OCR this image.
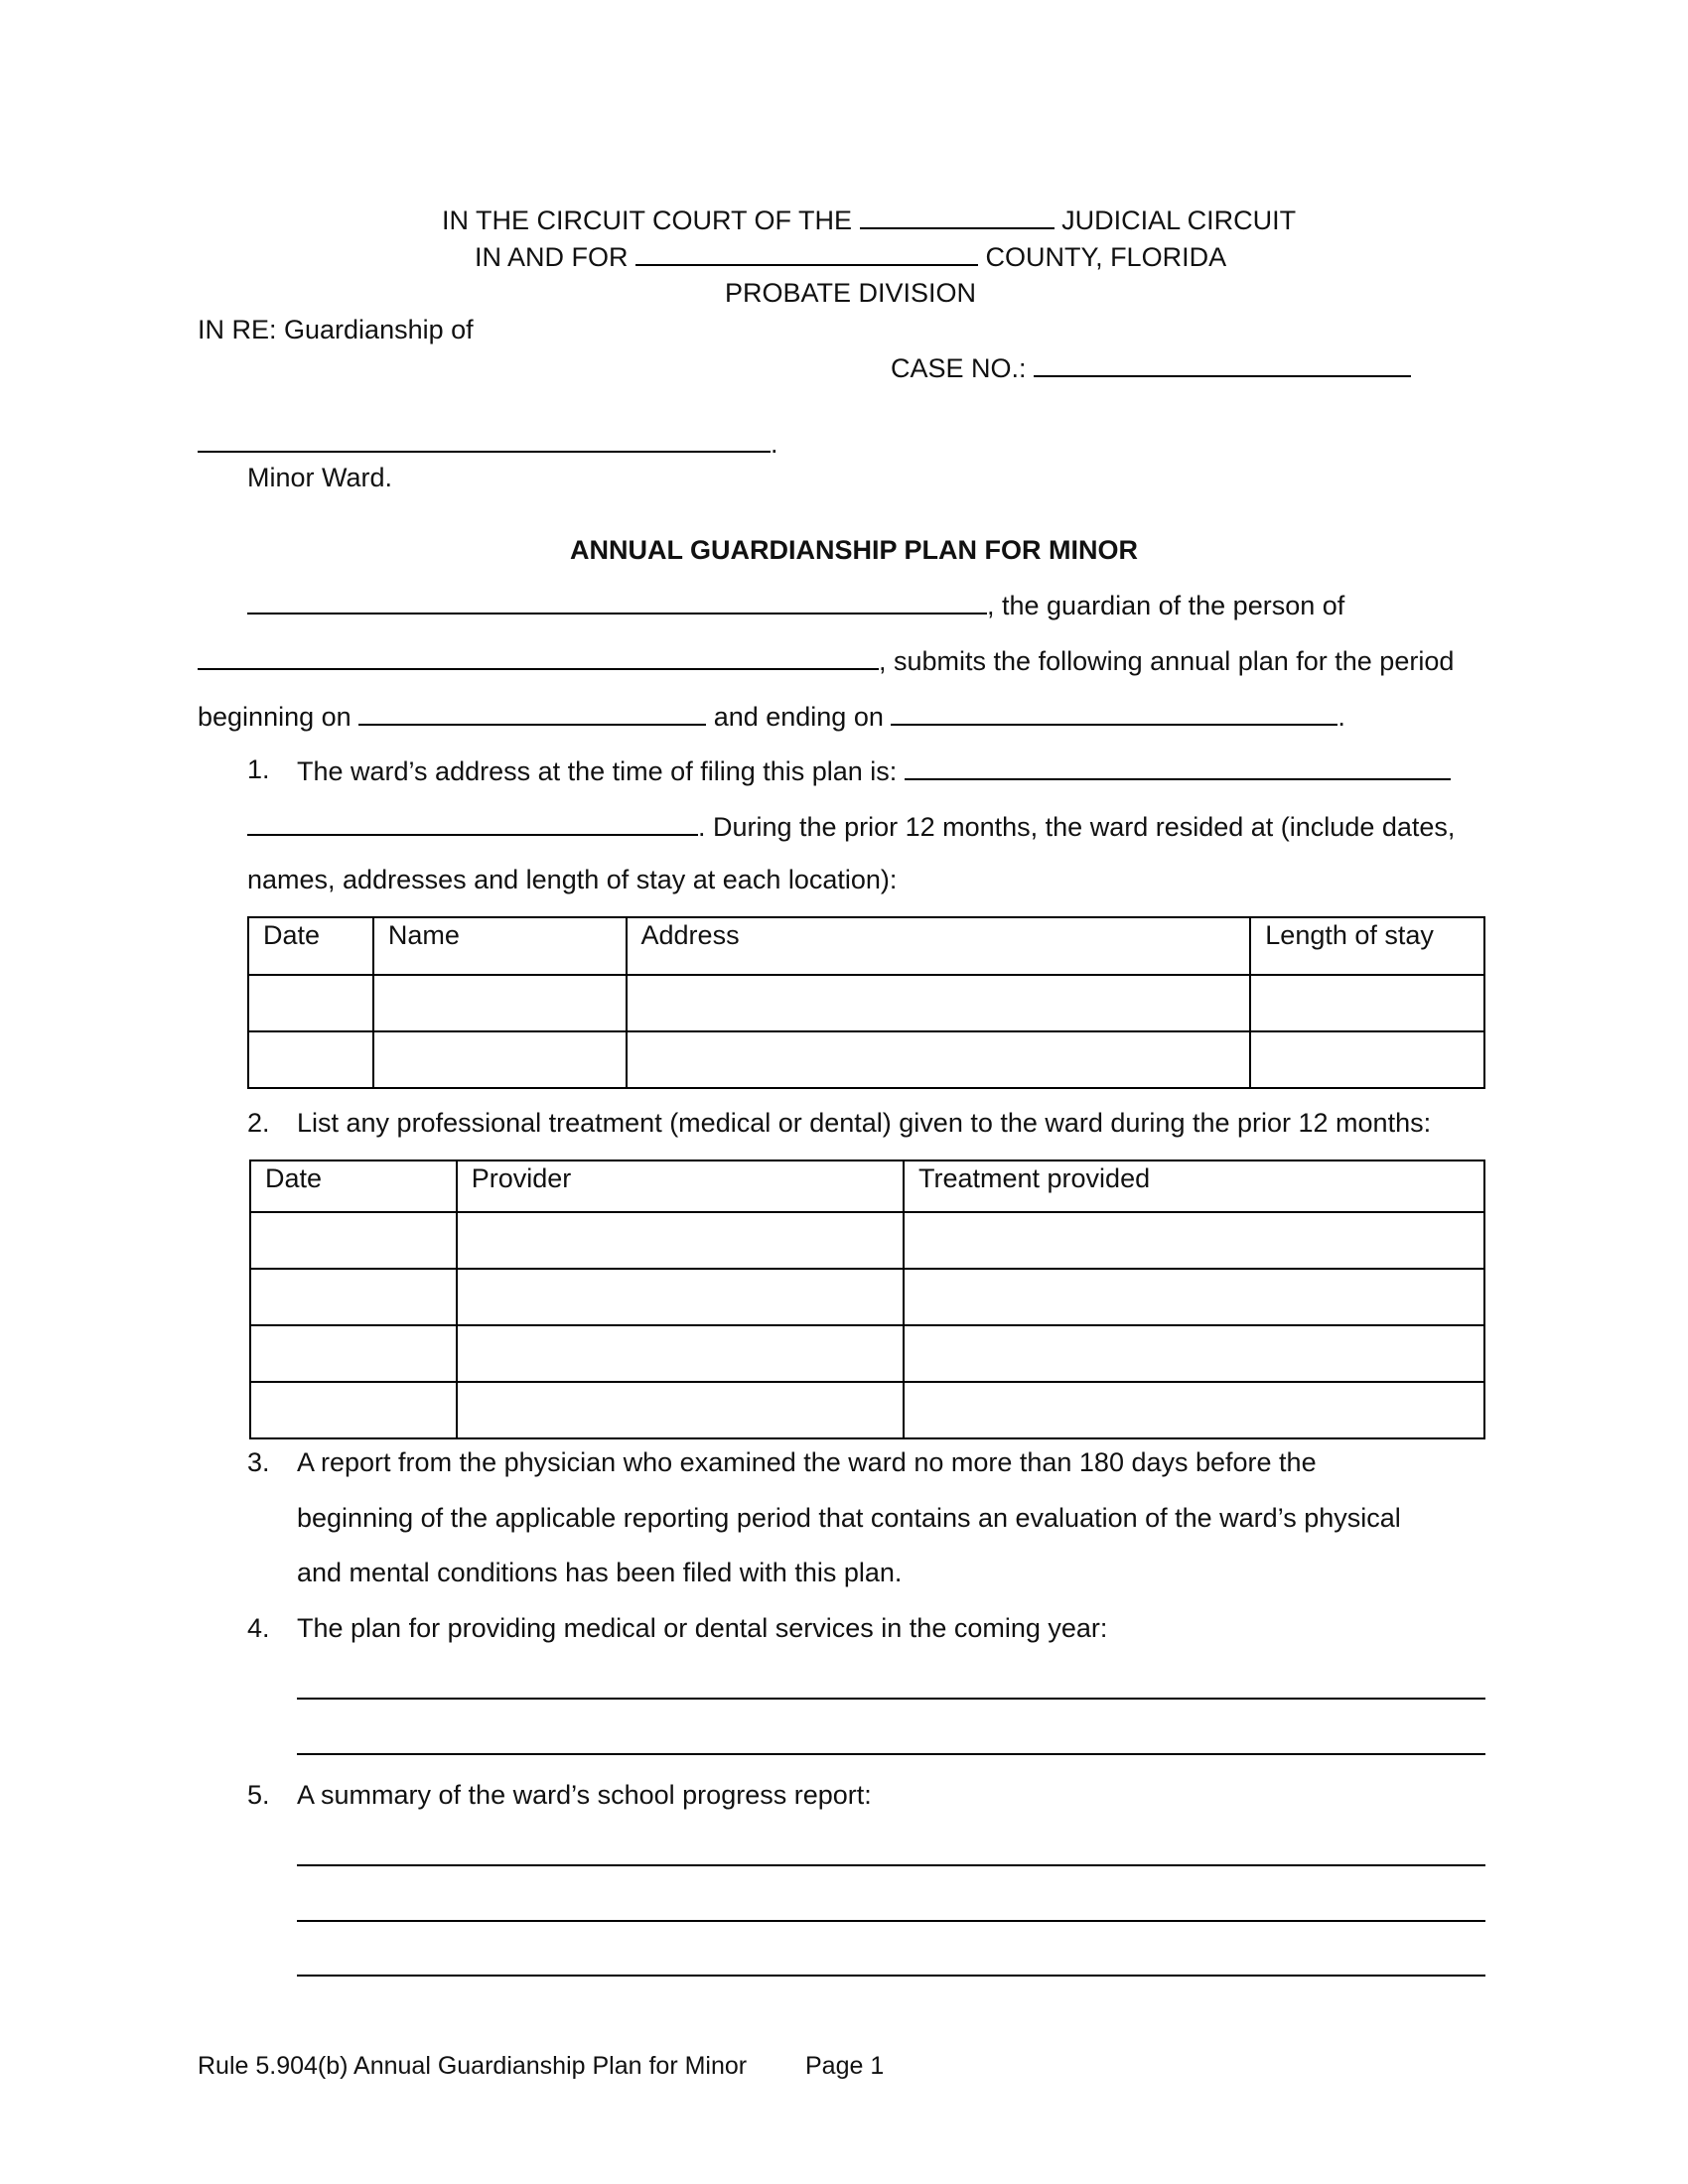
IN THE CIRCUIT COURT OF THE	JUDICIAL CIRCUIT
IN AND FOR	COUNTY, FLORIDA
PROBATE DIVISION
IN RE: Guardianship of
CASE NO.:
.
Minor Ward.
ANNUAL GUARDIANSHIP PLAN FOR MINOR
, the guardian of the person of
, submits the following annual plan for the period
beginning on	and ending on	.
1. The ward’s address at the time of filing this plan is:
. During the prior 12 months, the ward resided at (include dates,
names, addresses and length of stay at each location):
Date	Name	Address	Length of stay

2. List any professional treatment (medical or dental) given to the ward during the prior 12 months:
Date	Provider	Treatment provided

3. A report from the physician who examined the ward no more than 180 days before the
beginning of the applicable reporting period that contains an evaluation of the ward’s physical
and mental conditions has been filed with this plan.
4. The plan for providing medical or dental services in the coming year:
5. A summary of the ward’s school progress report:
Rule 5.904(b) Annual Guardianship Plan for Minor Page 1
